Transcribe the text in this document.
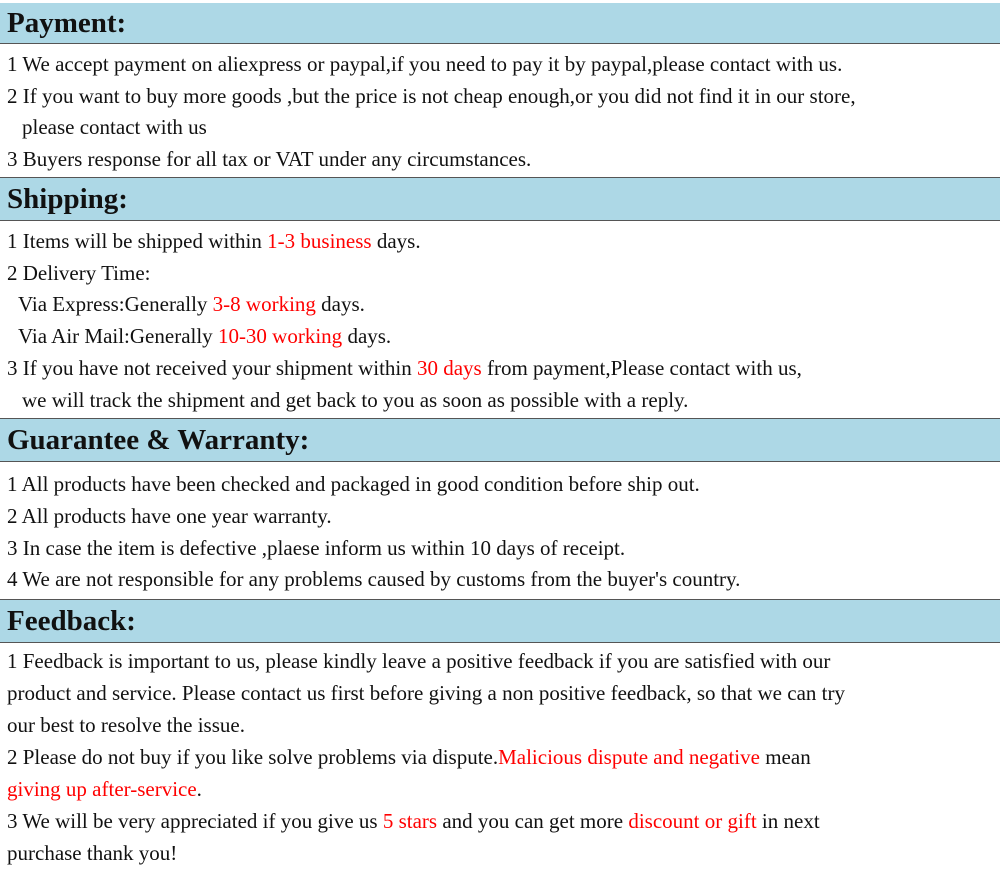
Payment:
1 We accept payment on aliexpress or paypal,if you need to pay it by paypal,please contact with us.
2 If you want to buy more goods ,but the price is not cheap enough,or you did not find it in our store,
please contact with us
3 Buyers response for all tax or VAT under any circumstances.
Shipping:
1 Items will be shipped within 1-3 business days.
2 Delivery Time:
Via Express:Generally 3-8 working days.
Via Air Mail:Generally 10-30 working days.
3 If you have not received your shipment within 30 days from payment,Please contact with us,
we will track the shipment and get back to you as soon as possible with a reply.
Guarantee & Warranty:
1 All products have been checked and packaged in good condition before ship out.
2 All products have one year warranty.
3 In case the item is defective ,plaese inform us within 10 days of receipt.
4 We are not responsible for any problems caused by customs from the buyer's country.
Feedback:
1 Feedback is important to us, please kindly leave a positive feedback if you are satisfied with our
product and service. Please contact us first before giving a non positive feedback, so that we can try
our best to resolve the issue.
2 Please do not buy if you like solve problems via dispute.Malicious dispute and negative mean
giving up after-service.
3 We will be very appreciated if you give us 5 stars and you can get more discount or gift in next
purchase thank you!
